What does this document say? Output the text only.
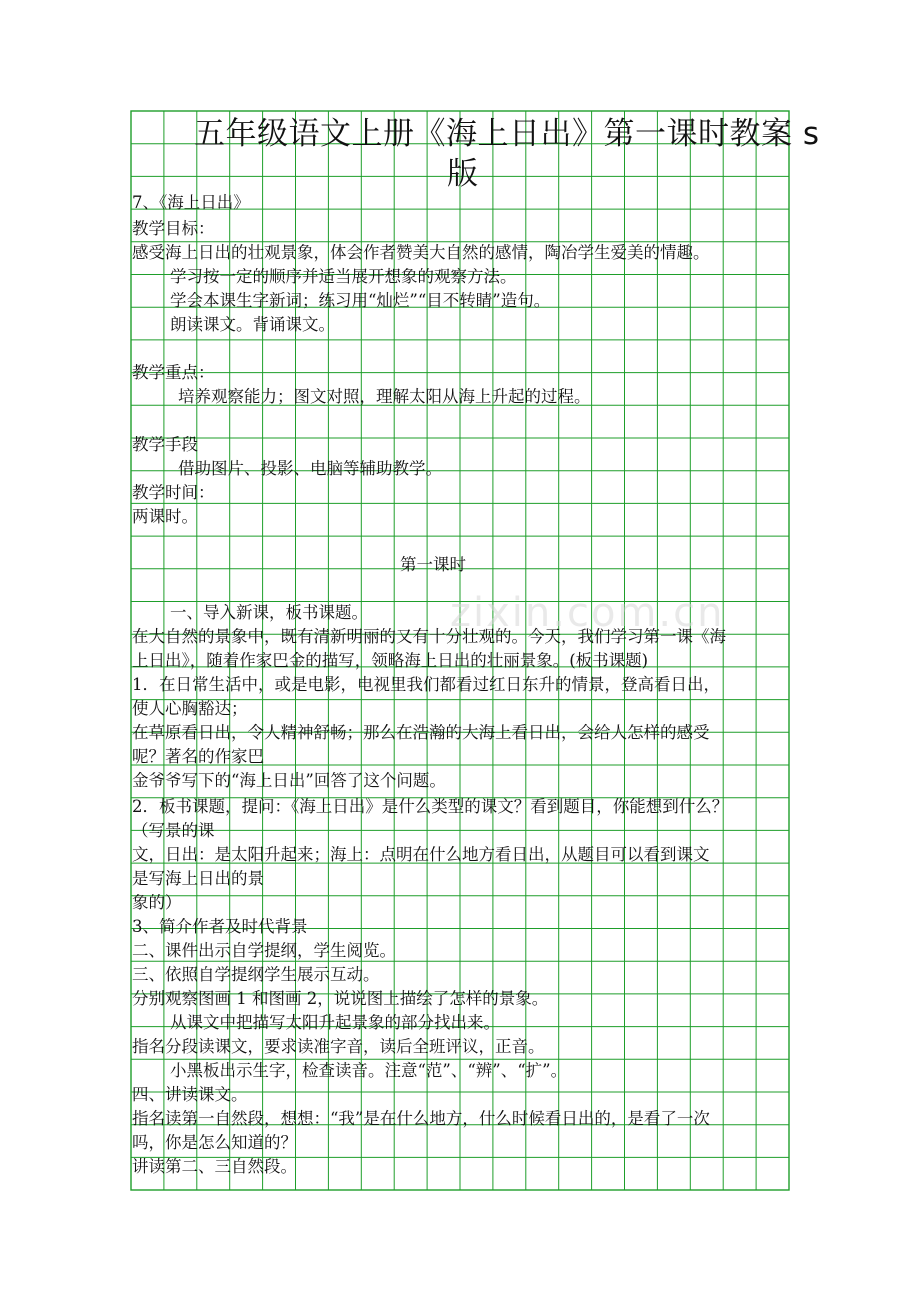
五年级语文上册《海上日出》第一课时教案 s
版
7、《海上日出》
教学目标：
感受海上日出的壮观景象，体会作者赞美大自然的感情，陶冶学生爱美的情趣。
学习按一定的顺序并适当展开想象的观察方法。
学会本课生字新词；练习用“灿烂”“目不转睛”造句。
朗读课文。背诵课文。
教学重点：
培养观察能力；图文对照，理解太阳从海上升起的过程。
教学手段
借助图片、投影、电脑等辅助教学。
教学时间：
两课时。
第一课时
一、导入新课，板书课题。
在大自然的景象中，既有清新明丽的又有十分壮观的。今天，我们学习第一课《海
上日出》，随着作家巴金的描写，领略海上日出的壮丽景象。(板书课题)
1．在日常生活中，或是电影，电视里我们都看过红日东升的情景，登高看日出，
使人心胸豁达；
在草原看日出，令人精神舒畅；那么在浩瀚的大海上看日出，会给人怎样的感受
呢？著名的作家巴
金爷爷写下的“海上日出”回答了这个问题。
2．板书课题，提问：《海上日出》是什么类型的课文？看到题目，你能想到什么？
（写景的课
文，日出：是太阳升起来；海上：点明在什么地方看日出，从题目可以看到课文
是写海上日出的景
象的）
3、简介作者及时代背景
二、课件出示自学提纲，学生阅览。
三、依照自学提纲学生展示互动。
分别观察图画 1 和图画 2，说说图上描绘了怎样的景象。
从课文中把描写太阳升起景象的部分找出来。
指名分段读课文，要求读准字音，读后全班评议，正音。
小黑板出示生字，检查读音。注意“范”、“辨”、“扩”。
四、讲读课文。
指名读第一自然段，想想：“我”是在什么地方，什么时候看日出的，是看了一次
吗，你是怎么知道的？
讲读第二、三自然段。
zixin.com.cn
